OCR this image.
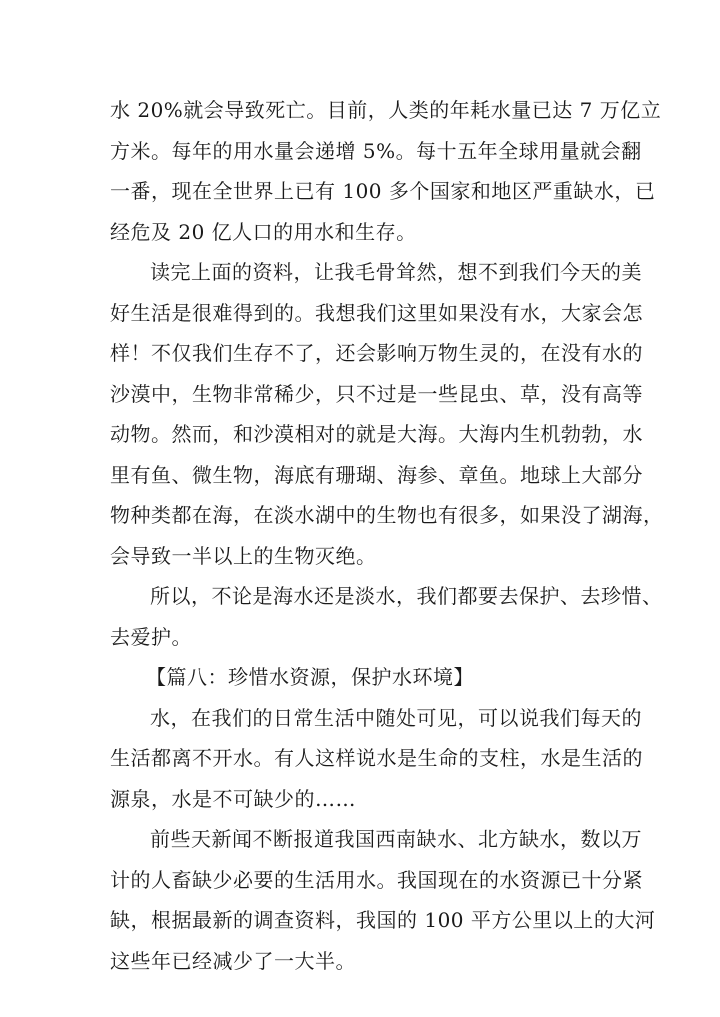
水 20%就会导致死亡。目前，人类的年耗水量已达 7 万亿立
方米。每年的用水量会递增 5%。每十五年全球用量就会翻
一番，现在全世界上已有 100 多个国家和地区严重缺水，已
经危及 20 亿人口的用水和生存。
读完上面的资料，让我毛骨耸然，想不到我们今天的美
好生活是很难得到的。我想我们这里如果没有水，大家会怎
样！不仅我们生存不了，还会影响万物生灵的，在没有水的
沙漠中，生物非常稀少，只不过是一些昆虫、草，没有高等
动物。然而，和沙漠相对的就是大海。大海内生机勃勃，水
里有鱼、微生物，海底有珊瑚、海参、章鱼。地球上大部分
物种类都在海，在淡水湖中的生物也有很多，如果没了湖海，
会导致一半以上的生物灭绝。
所以，不论是海水还是淡水，我们都要去保护、去珍惜、
去爱护。
【篇八：珍惜水资源，保护水环境】
水，在我们的日常生活中随处可见，可以说我们每天的
生活都离不开水。有人这样说水是生命的支柱，水是生活的
源泉，水是不可缺少的……
前些天新闻不断报道我国西南缺水、北方缺水，数以万
计的人畜缺少必要的生活用水。我国现在的水资源已十分紧
缺，根据最新的调查资料，我国的 100 平方公里以上的大河
这些年已经减少了一大半。
